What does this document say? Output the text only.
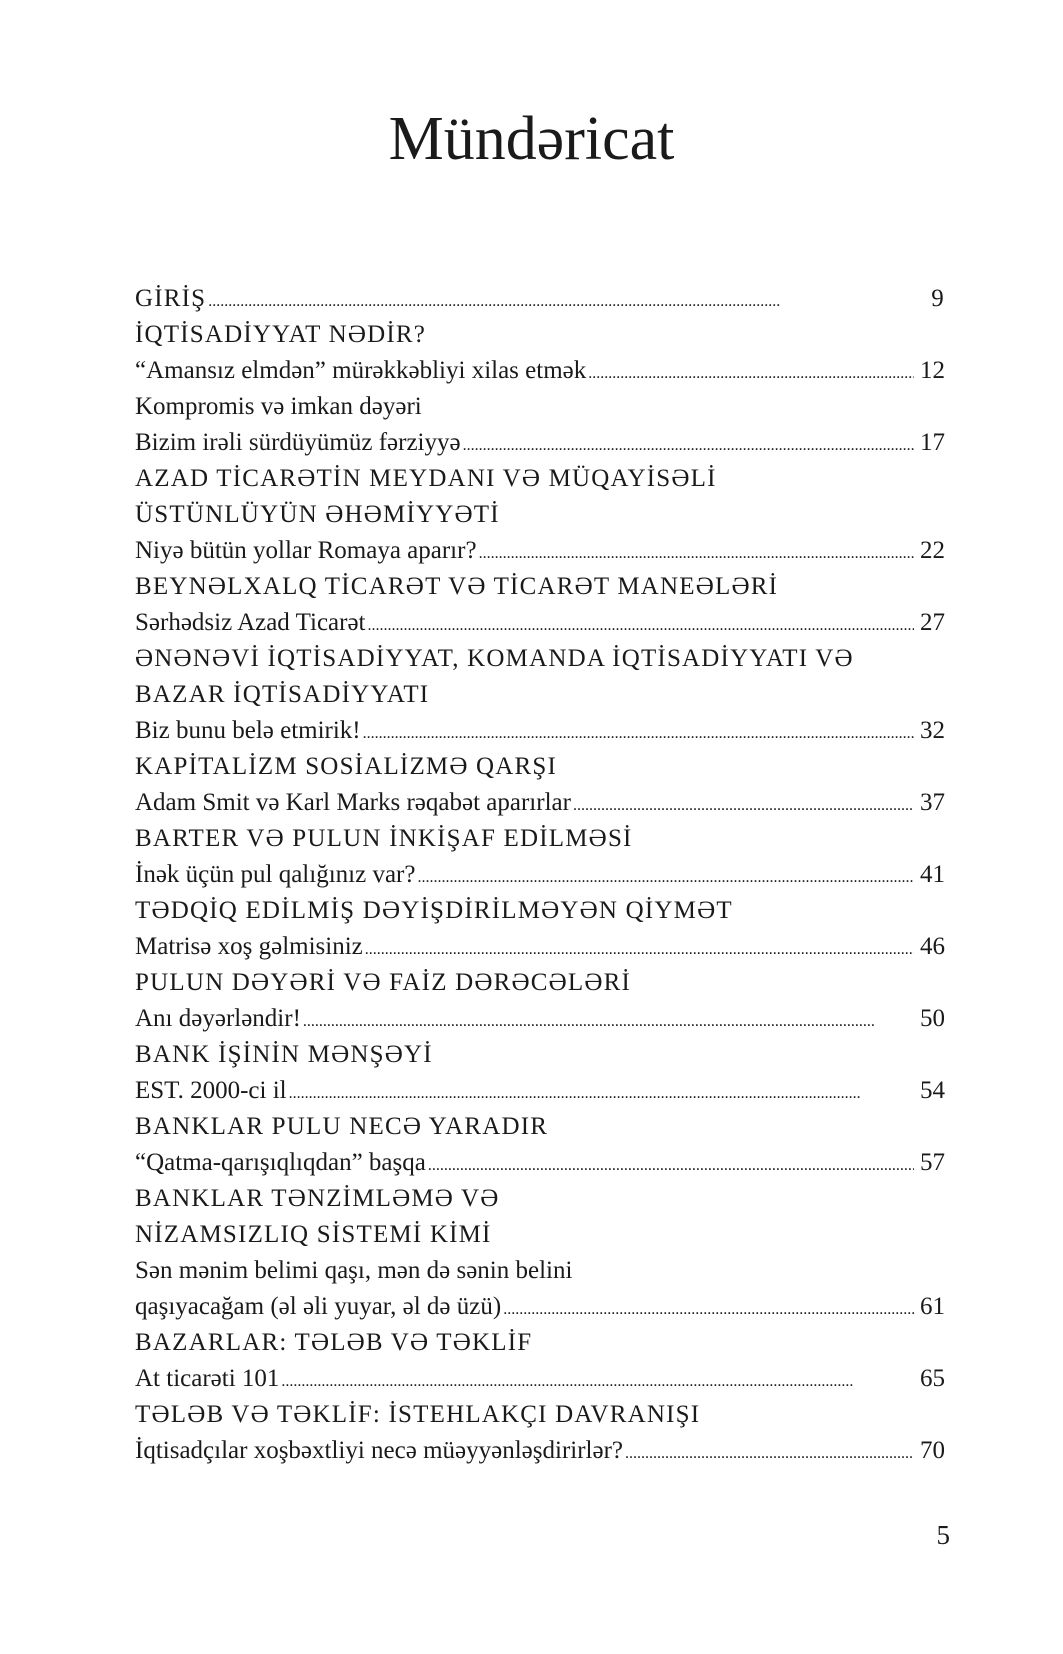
Mündəricat
GİRİŞ . . .	9
İQTİSADİYYAT NƏDİR?
“Amansız elmdən” mürəkkəbliyi xilas etmək . . .	12
Kompromis və imkan dəyəri
Bizim irəli sürdüyümüz fərziyyə . . .	17
AZAD TİCARƏTİN MEYDANI VƏ MÜQAYİSƏLİ
ÜSTÜNLÜYÜN ƏHƏMİYYƏTİ
Niyə bütün yollar Romaya aparır? . . .	22
BEYNƏLXALQ TİCARƏT VƏ TİCARƏT MANEƏLƏRİ
Sərhədsiz Azad Ticarət . . .	27
ƏNƏNƏVİ İQTİSADİYYAT, KOMANDA İQTİSADİYYATI VƏ
BAZAR İQTİSADİYYATI
Biz bunu belə etmirik! . . .	32
KAPİTALİZM SOSİALİZMƏ QARŞI
Adam Smit və Karl Marks rəqabət aparırlar . . .	37
BARTER VƏ PULUN İNKİŞAF EDİLMƏSİ
İnək üçün pul qalığınız var? . . .	41
TƏDQİQ EDİLMİŞ DƏYİŞDİRİLMƏYƏN QİYMƏT
Matrisə xoş gəlmisiniz . . .	46
PULUN DƏYƏRİ VƏ FAİZ DƏRƏCƏLƏRİ
Anı dəyərləndir! . . .	50
BANK İŞİNİN MƏNŞƏYİ
EST. 2000-ci il . . .	54
BANKLAR PULU NECƏ YARADIR
“Qatma-qarışıqlıqdan” başqa . . .	57
BANKLAR TƏNZİMLƏMƏ VƏ
NİZAMSIZLIQ SİSTEMİ KİMİ
Sən mənim belimi qaşı, mən də sənin belini
qaşıyacağam (əl əli yuyar, əl də üzü) . . .	61
BAZARLAR: TƏLƏB VƏ TƏKLİF
At ticarəti 101 . . .	65
TƏLƏB VƏ TƏKLİF: İSTEHLAKÇI DAVRANIŞI
İqtisadçılar xoşbəxtliyi necə müəyyənləşdirirlər? . . .	70
5
